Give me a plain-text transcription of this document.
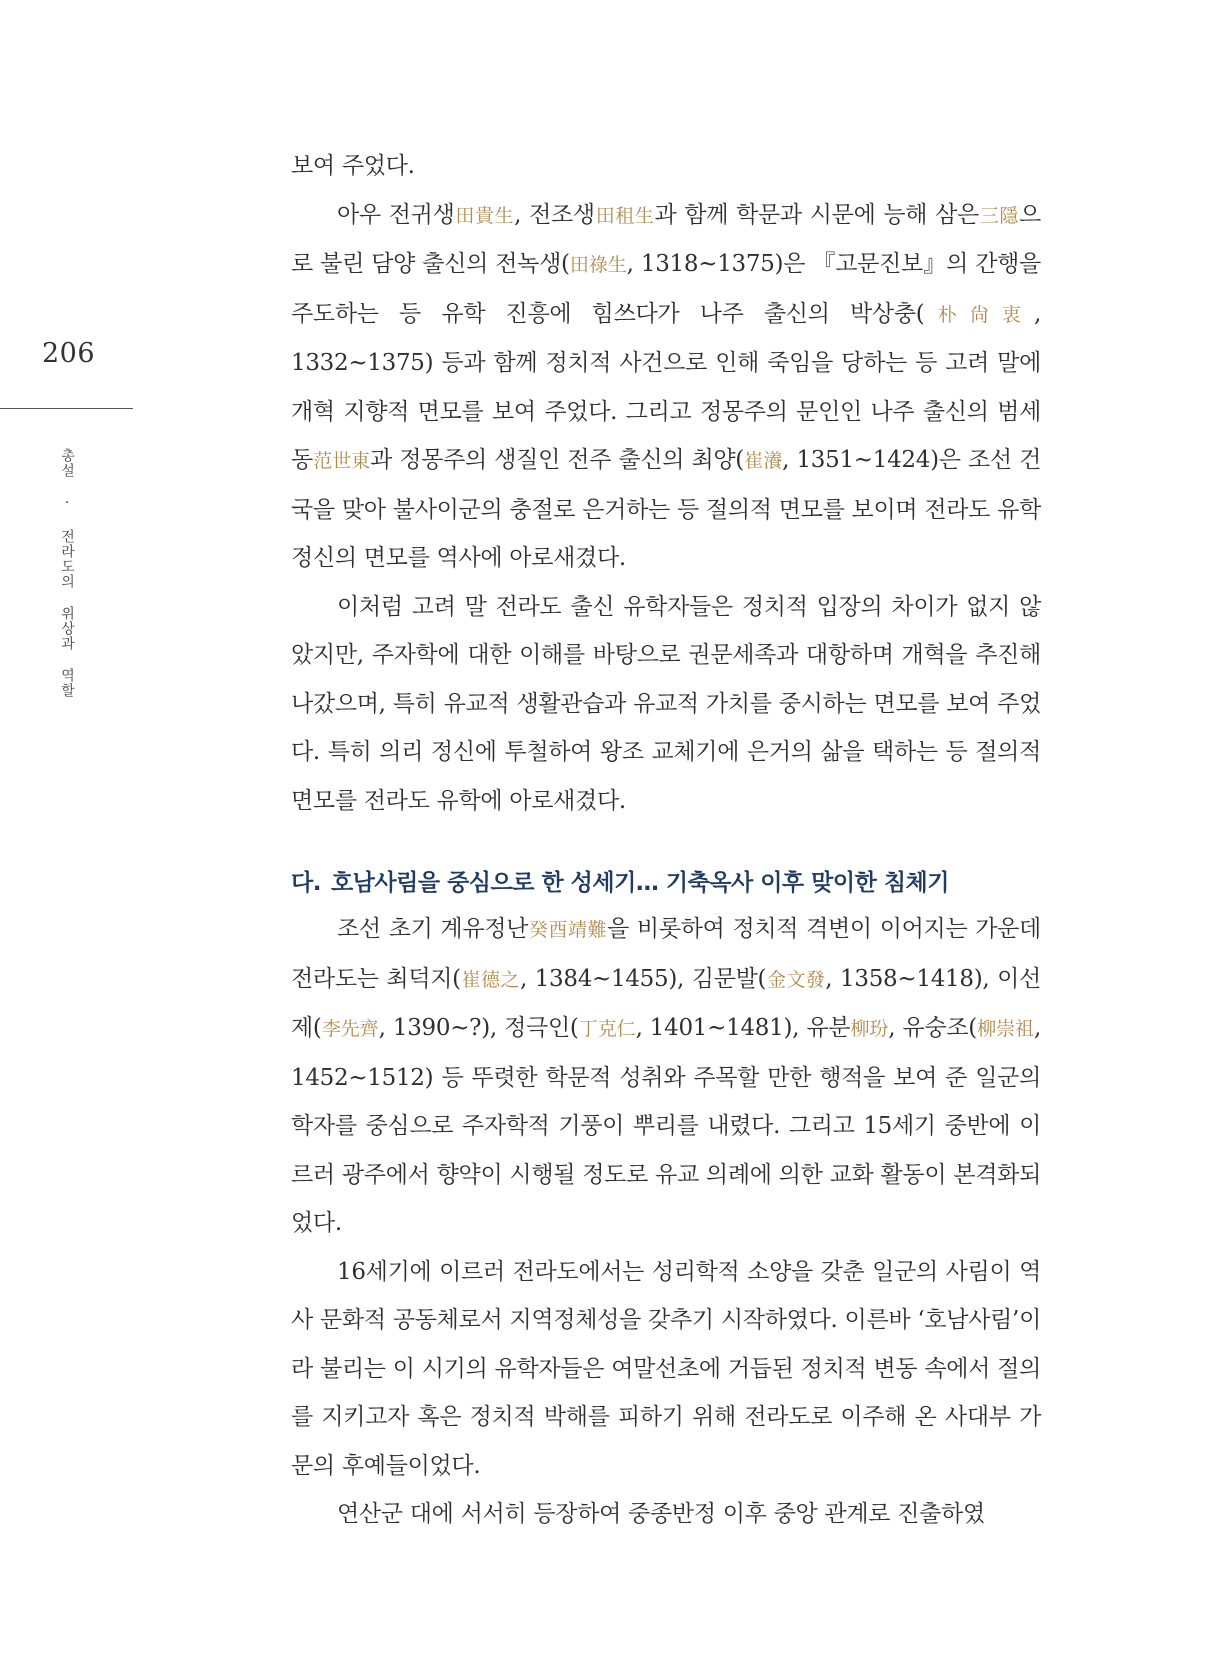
206
총설 · 전라도의 위상과 역할

보여 주었다.

아우 전귀생田貴生, 전조생田租生과 함께 학문과 시문에 능해 삼은三隱으로 불린 담양 출신의 전녹생(田祿生, 1318~1375)은 『고문진보』의 간행을 주도하는 등 유학 진흥에 힘쓰다가 나주 출신의 박상충(朴尙衷, 1332~1375) 등과 함께 정치적 사건으로 인해 죽임을 당하는 등 고려 말에 개혁 지향적 면모를 보여 주었다. 그리고 정몽주의 문인인 나주 출신의 범세동范世東과 정몽주의 생질인 전주 출신의 최양(崔瀁, 1351~1424)은 조선 건국을 맞아 불사이군의 충절로 은거하는 등 절의적 면모를 보이며 전라도 유학 정신의 면모를 역사에 아로새겼다.

이처럼 고려 말 전라도 출신 유학자들은 정치적 입장의 차이가 없지 않았지만, 주자학에 대한 이해를 바탕으로 권문세족과 대항하며 개혁을 추진해 나갔으며, 특히 유교적 생활관습과 유교적 가치를 중시하는 면모를 보여 주었다. 특히 의리 정신에 투철하여 왕조 교체기에 은거의 삶을 택하는 등 절의적 면모를 전라도 유학에 아로새겼다.

다. 호남사림을 중심으로 한 성세기… 기축옥사 이후 맞이한 침체기

조선 초기 계유정난癸酉靖難을 비롯하여 정치적 격변이 이어지는 가운데 전라도는 최덕지(崔德之, 1384~1455), 김문발(金文發, 1358~1418), 이선제(李先齊, 1390~?), 정극인(丁克仁, 1401~1481), 유분柳玢, 유숭조(柳崇祖, 1452~1512) 등 뚜렷한 학문적 성취와 주목할 만한 행적을 보여 준 일군의 학자를 중심으로 주자학적 기풍이 뿌리를 내렸다. 그리고 15세기 중반에 이르러 광주에서 향약이 시행될 정도로 유교 의례에 의한 교화 활동이 본격화되었다.

16세기에 이르러 전라도에서는 성리학적 소양을 갖춘 일군의 사림이 역사 문화적 공동체로서 지역정체성을 갖추기 시작하였다. 이른바 ‘호남사림’이라 불리는 이 시기의 유학자들은 여말선초에 거듭된 정치적 변동 속에서 절의를 지키고자 혹은 정치적 박해를 피하기 위해 전라도로 이주해 온 사대부 가문의 후예들이었다.

연산군 대에 서서히 등장하여 중종반정 이후 중앙 관계로 진출하였
